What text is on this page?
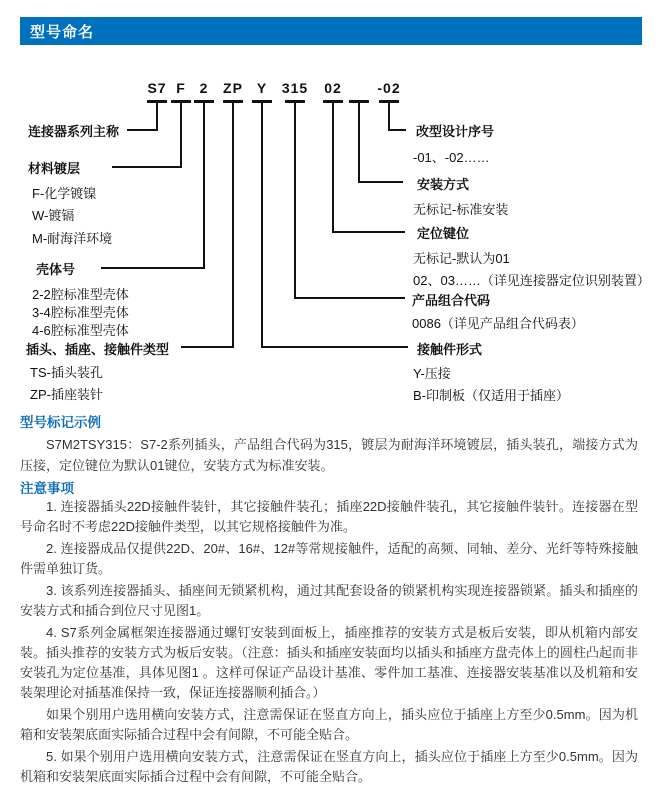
型号命名
S7 F 2 ZP Y 315 02	-02
连接器系列主称
材料镀层
F-化学镀镍
W-镀镉
M-耐海洋环境
壳体号
2-2腔标准型壳体
3-4腔标准型壳体
4-6腔标准型壳体
插头、插座、接触件类型
TS-插头装孔
ZP-插座装针
改型设计序号
-01、-02……
安装方式
无标记-标准安装
定位键位
无标记-默认为01
02、03……（详见连接器定位识别装置）
产品组合代码
0086（详见产品组合代码表）
接触件形式
Y-压接
B-印制板（仅适用于插座）
型号标记示例

S7M2TSY315：S7-2系列插头，产品组合代码为315，镀层为耐海洋环境镀层，插头装孔，端接方式为压接，定位键位为默认01键位，安装方式为标准安装。

注意事项

1. 连接器插头22D接触件装针，其它接触件装孔；插座22D接触件装孔，其它接触件装针。连接器在型号命名时不考虑22D接触件类型，以其它规格接触件为准。

2. 连接器成品仅提供22D、20#、16#、12#等常规接触件，适配的高频、同轴、差分、光纤等特殊接触件需单独订货。

3. 该系列连接器插头、插座间无锁紧机构，通过其配套设备的锁紧机构实现连接器锁紧。插头和插座的安装方式和插合到位尺寸见图1。

4. S7系列金属框架连接器通过螺钉安装到面板上，插座推荐的安装方式是板后安装，即从机箱内部安装。插头推荐的安装方式为板后安装。（注意：插头和插座安装面均以插头和插座方盘壳体上的圆柱凸起而非安装孔为定位基准，具体见图1 。这样可保证产品设计基准、零件加工基准、连接器安装基准以及机箱和安装架理论对插基准保持一致，保证连接器顺利插合。）

如果个别用户选用横向安装方式，注意需保证在竖直方向上，插头应位于插座上方至少0.5mm。因为机箱和安装架底面实际插合过程中会有间隙，不可能全贴合。

5. 如果个别用户选用横向安装方式，注意需保证在竖直方向上，插头应位于插座上方至少0.5mm。因为机箱和安装架底面实际插合过程中会有间隙，不可能全贴合。
